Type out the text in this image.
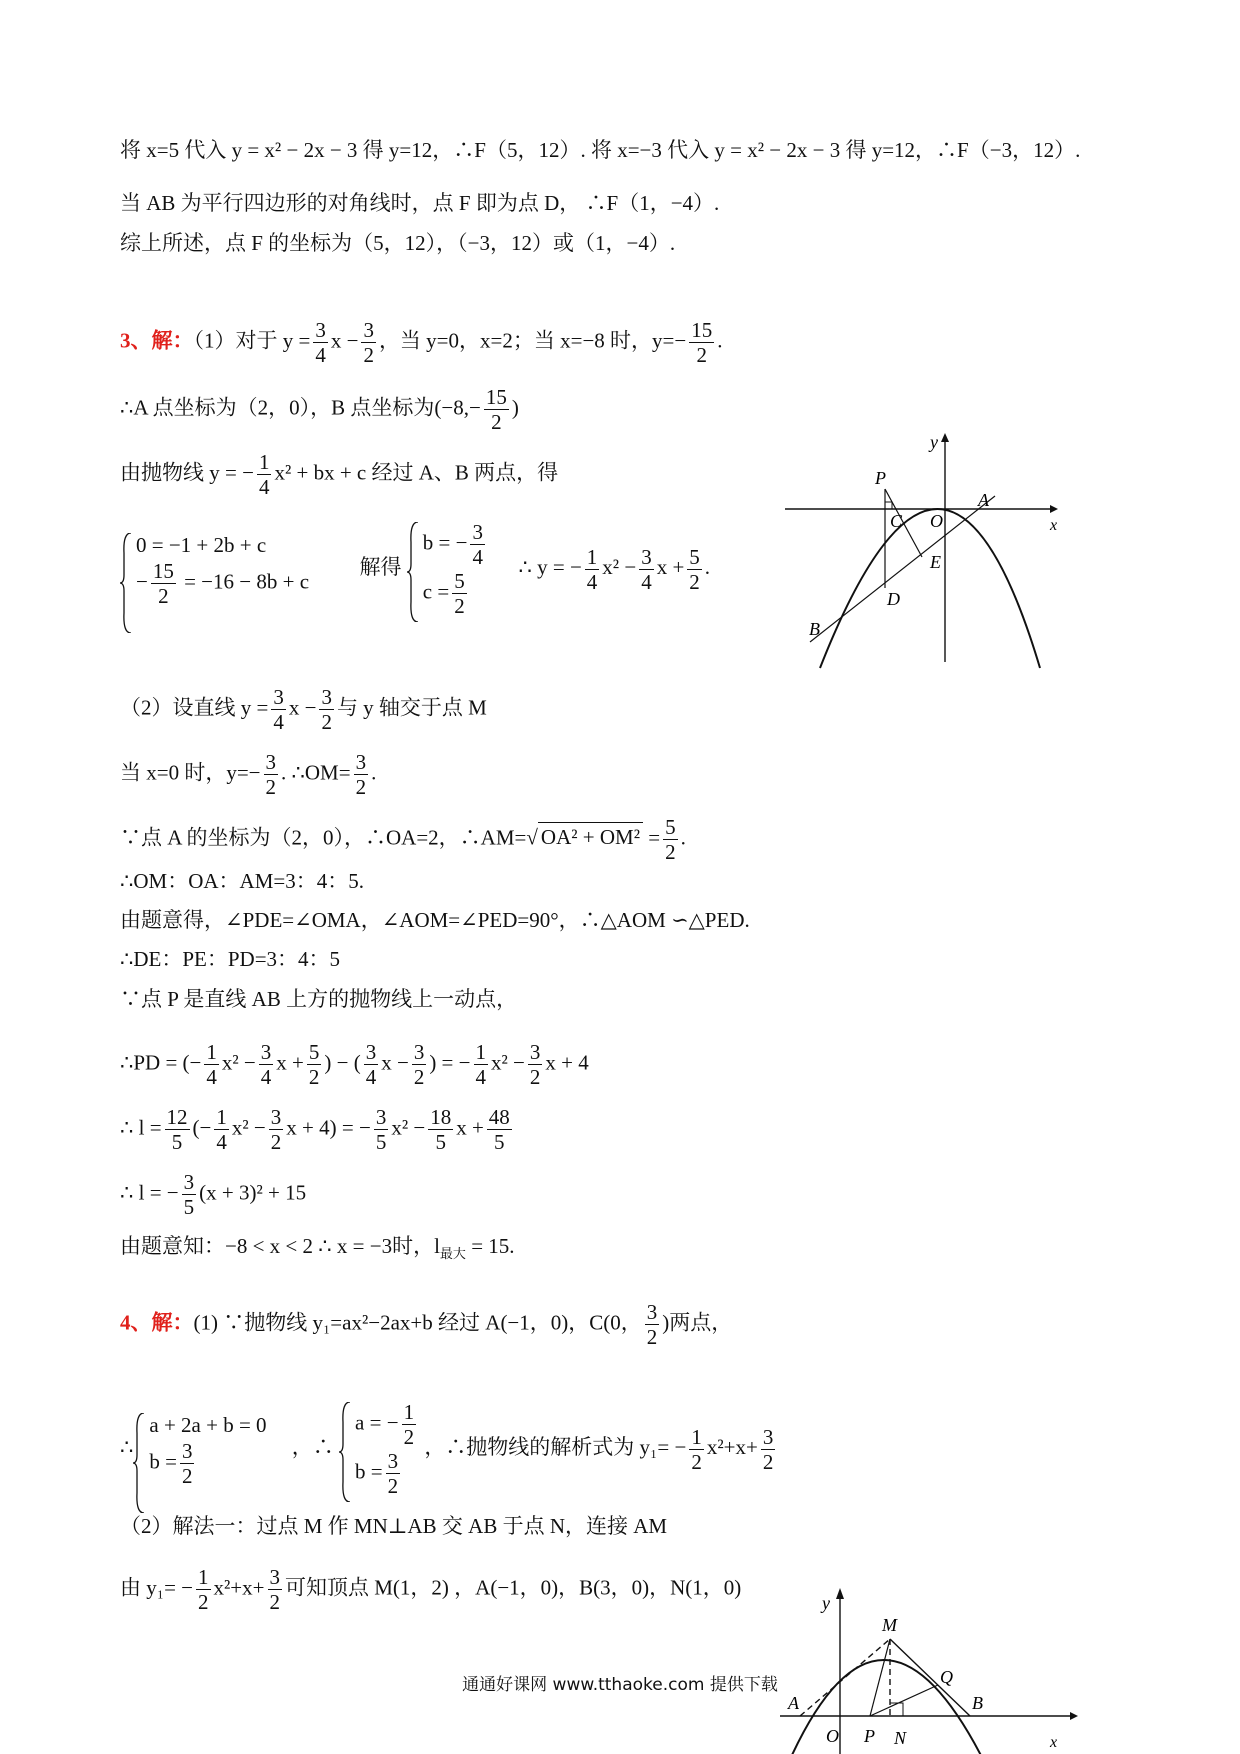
将 x=5 代入 y = x² − 2x − 3 得 y=12，∴F（5，12）. 将 x=−3 代入 y = x² − 2x − 3 得 y=12，∴F（−3，12）.
当 AB 为平行四边形的对角线时，点 F 即为点 D， ∴F（1，−4）.
综上所述，点 F 的坐标为（5，12），（−3，12）或（1，−4）.
3、解：（1）对于 $y = \frac{3}{4}$ $x - \frac{3}{2}$ ，当 y=0，x=2；当 x=−8 时，$y=- \frac{15}{2}$ .
∴A 点坐标为（2，0），B 点坐标为($-8,- \frac{15}{2}$ )
由抛物线 y = − $\frac{1}{4} x^2$ + bx + c 经过 A、B 两点，得
0 = −1 + 2b + c
− $\frac{15}{2} = -16 - 8b + c$
解得
b = − $\frac{3}{4}$
$c = \frac{5}{2}$
∴ y = − $\frac{1}{4} x^2 - \frac{3}{4}$ $x + \frac{5}{2}$ .
y
P
C O
A
x
E
D
B
（2）设直线 $y = \frac{3}{4}$ $x - \frac{3}{2}$ 与 y 轴交于点 M
当 x=0 时，$y=- \frac{3}{2}$ . ∴OM= $\frac{3}{2}$ .
∵点 A 的坐标为（2，0），∴OA=2，∴AM=√ $OA^2 + OM^2 = \frac{5}{2}$ .
∴OM：OA：AM=3：4：5.
由题意得，∠PDE=∠OMA，∠AOM=∠PED=90°，∴△AOM ∽△PED.
∴DE：PE：PD=3：4：5
∵点 P 是直线 AB 上方的抛物线上一动点，
∴PD = (− $\frac{1}{4} x^2 - \frac{3}{4}$ $x + \frac{5}{2}$ ) − ( $\frac{3}{4}$ $x - \frac{3}{2}$ ) = − $\frac{1}{4} x^2 - \frac{3}{2}$ x + 4
∴ $l = \frac{12}{5}$ (− $\frac{1}{4} x^2 - \frac{3}{2}$ x + 4) = − $\frac{3}{5} x^2 - \frac{18}{5}$ $x + \frac{48}{5}$
∴ l = − $\frac{3}{5} (x + 3)^2 + 15$
由题意知：−8 < x < 2 ∴ x = −3时，$l_{最大} = 15$.
4、解：(1) ∵抛物线 y₁=ax²−2ax+b 经过 A(−1，0)，C(0， $\frac{3}{2}$ )两点，
∴
a + 2a + b = 0
$b = \frac{3}{2}$	，∴
a = − $\frac{1}{2}$
$b = \frac{3}{2}$
，∴抛物线的解析式为 $y_1= - \frac{1}{2} x^2+x+ \frac{3}{2}$
（2）解法一：过点 M 作 MN⊥AB 交 AB 于点 N，连接 AM
由 $y_1= - \frac{1}{2} x^2+x+ \frac{3}{2}$ 可知顶点 M(1，2) ，A(−1，0)，B(3，0)，N(1，0)
y
M
Q
A	B
O P N	x
通通好课网 www.tthaoke.com 提供下载
